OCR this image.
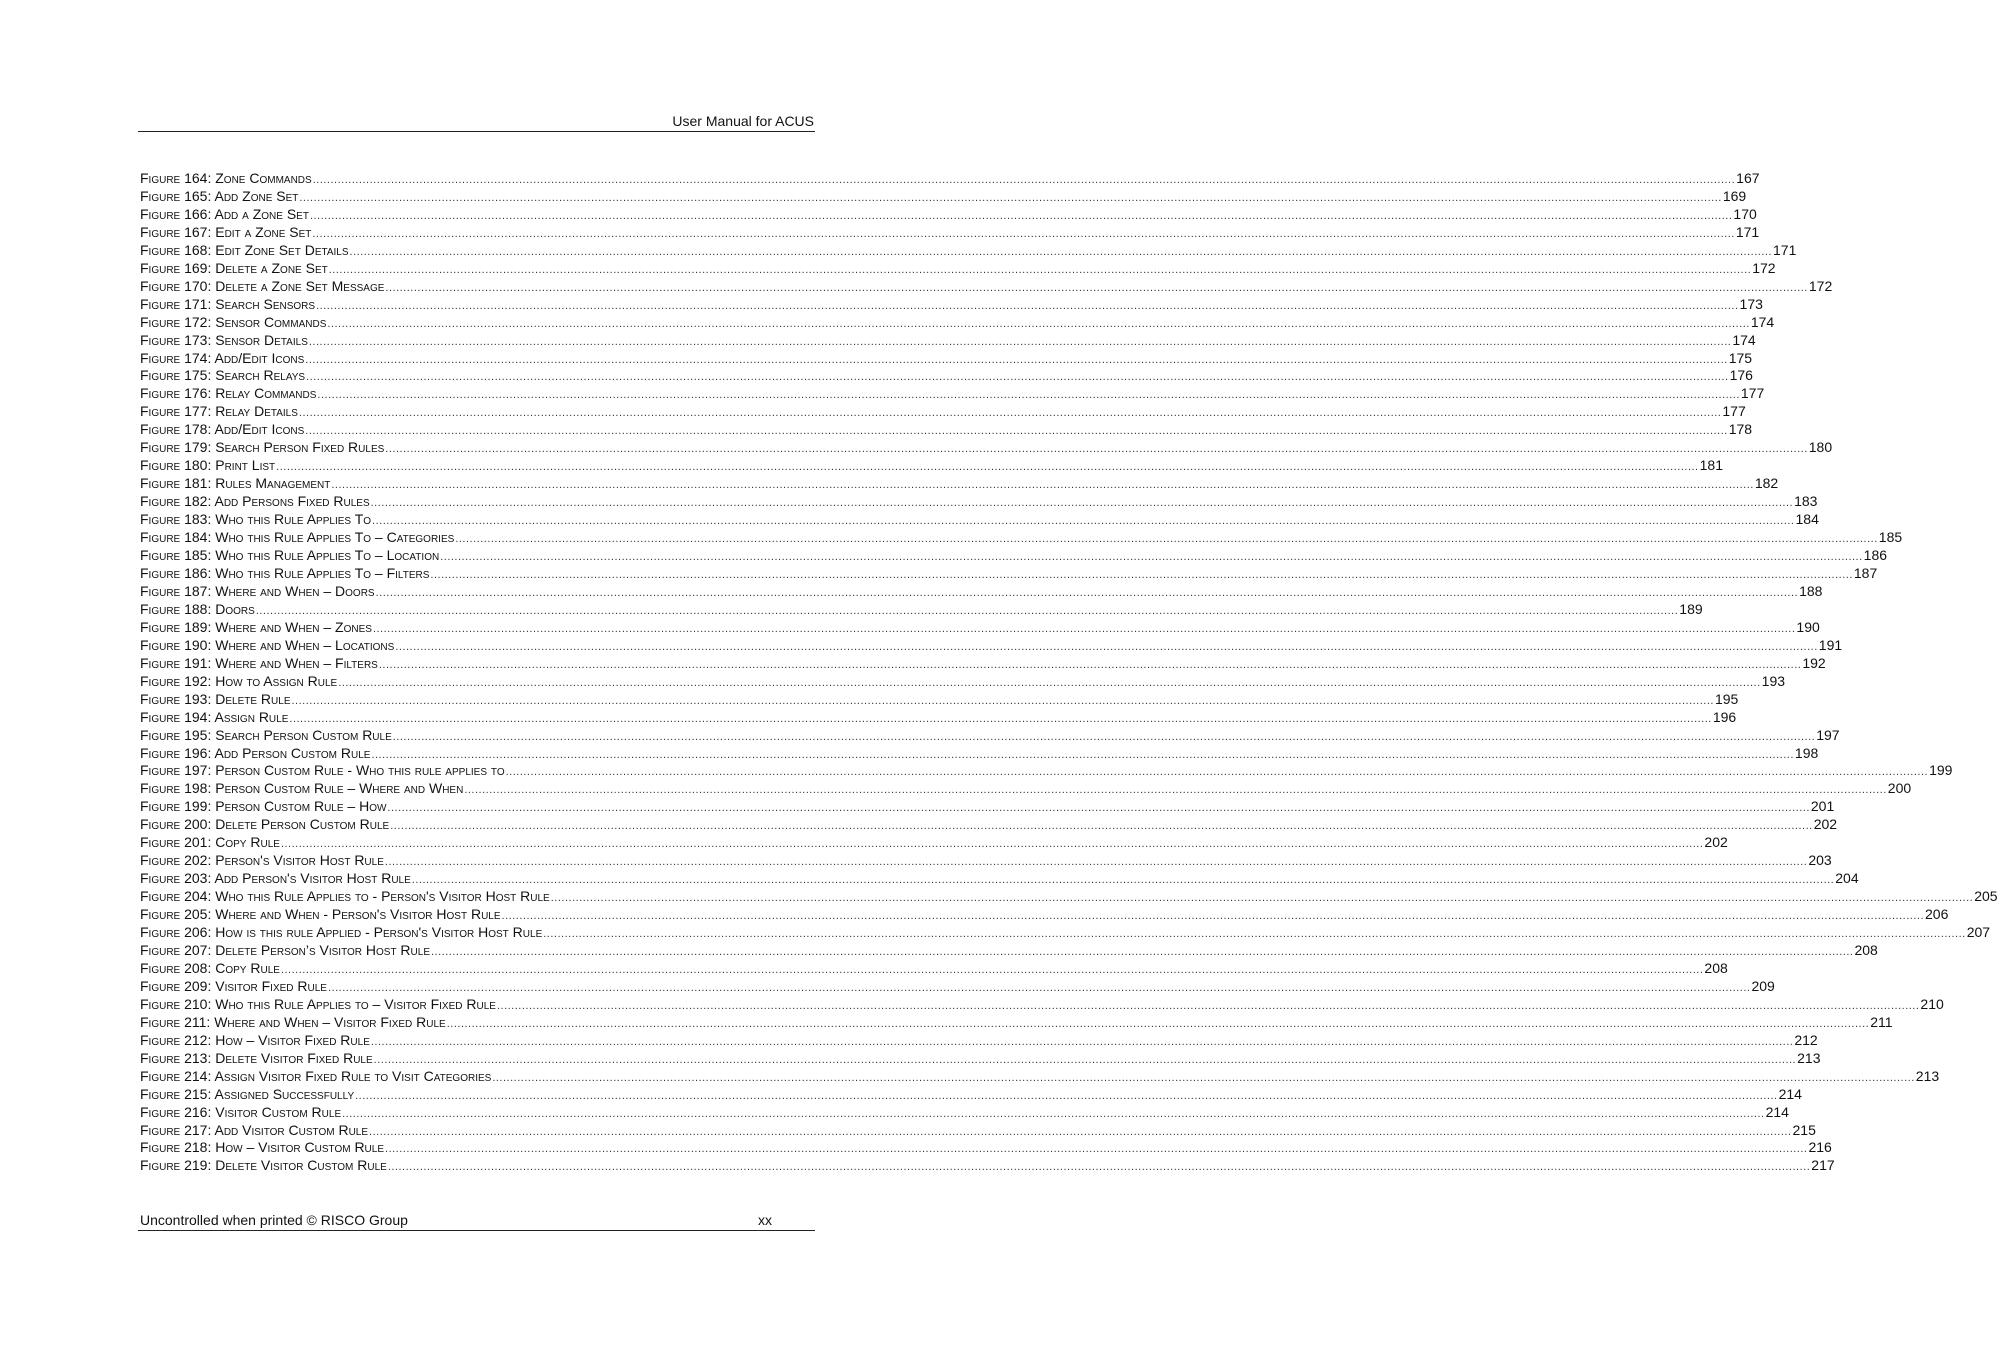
User Manual for ACUS
Figure 164: Zone Commands ................................................................................................................................................................................................................................................................................................................................................................................................................ 167
Figure 165: Add Zone Set ................................................................................................................................................................................................................................................................................................................................................................................................................ 169
Figure 166: Add a Zone Set ................................................................................................................................................................................................................................................................................................................................................................................................................ 170
Figure 167: Edit a Zone Set ................................................................................................................................................................................................................................................................................................................................................................................................................ 171
Figure 168: Edit Zone Set Details ................................................................................................................................................................................................................................................................................................................................................................................................................ 171
Figure 169: Delete a Zone Set ................................................................................................................................................................................................................................................................................................................................................................................................................ 172
Figure 170: Delete a Zone Set Message ................................................................................................................................................................................................................................................................................................................................................................................................................ 172
Figure 171: Search Sensors ................................................................................................................................................................................................................................................................................................................................................................................................................ 173
Figure 172: Sensor Commands ................................................................................................................................................................................................................................................................................................................................................................................................................ 174
Figure 173: Sensor Details ................................................................................................................................................................................................................................................................................................................................................................................................................ 174
Figure 174: Add/Edit Icons ................................................................................................................................................................................................................................................................................................................................................................................................................ 175
Figure 175: Search Relays ................................................................................................................................................................................................................................................................................................................................................................................................................ 176
Figure 176: Relay Commands ................................................................................................................................................................................................................................................................................................................................................................................................................ 177
Figure 177: Relay Details ................................................................................................................................................................................................................................................................................................................................................................................................................ 177
Figure 178: Add/Edit Icons ................................................................................................................................................................................................................................................................................................................................................................................................................ 178
Figure 179: Search Person Fixed Rules ................................................................................................................................................................................................................................................................................................................................................................................................................ 180
Figure 180: Print List ................................................................................................................................................................................................................................................................................................................................................................................................................ 181
Figure 181: Rules Management ................................................................................................................................................................................................................................................................................................................................................................................................................ 182
Figure 182: Add Persons Fixed Rules ................................................................................................................................................................................................................................................................................................................................................................................................................ 183
Figure 183: Who this Rule Applies To ................................................................................................................................................................................................................................................................................................................................................................................................................ 184
Figure 184: Who this Rule Applies To – Categories ................................................................................................................................................................................................................................................................................................................................................................................................................ 185
Figure 185: Who this Rule Applies To – Location ................................................................................................................................................................................................................................................................................................................................................................................................................ 186
Figure 186: Who this Rule Applies To – Filters ................................................................................................................................................................................................................................................................................................................................................................................................................ 187
Figure 187: Where and When – Doors ................................................................................................................................................................................................................................................................................................................................................................................................................ 188
Figure 188: Doors ................................................................................................................................................................................................................................................................................................................................................................................................................ 189
Figure 189: Where and When – Zones ................................................................................................................................................................................................................................................................................................................................................................................................................ 190
Figure 190: Where and When – Locations ................................................................................................................................................................................................................................................................................................................................................................................................................ 191
Figure 191: Where and When – Filters ................................................................................................................................................................................................................................................................................................................................................................................................................ 192
Figure 192: How to Assign Rule ................................................................................................................................................................................................................................................................................................................................................................................................................ 193
Figure 193: Delete Rule ................................................................................................................................................................................................................................................................................................................................................................................................................ 195
Figure 194: Assign Rule ................................................................................................................................................................................................................................................................................................................................................................................................................ 196
Figure 195: Search Person Custom Rule ................................................................................................................................................................................................................................................................................................................................................................................................................ 197
Figure 196: Add Person Custom Rule ................................................................................................................................................................................................................................................................................................................................................................................................................ 198
Figure 197: Person Custom Rule - Who this rule applies to ................................................................................................................................................................................................................................................................................................................................................................................................................ 199
Figure 198: Person Custom Rule – Where and When ................................................................................................................................................................................................................................................................................................................................................................................................................ 200
Figure 199: Person Custom Rule – How ................................................................................................................................................................................................................................................................................................................................................................................................................ 201
Figure 200: Delete Person Custom Rule ................................................................................................................................................................................................................................................................................................................................................................................................................ 202
Figure 201: Copy Rule ................................................................................................................................................................................................................................................................................................................................................................................................................ 202
Figure 202: Person's Visitor Host Rule ................................................................................................................................................................................................................................................................................................................................................................................................................ 203
Figure 203: Add Person's Visitor Host Rule ................................................................................................................................................................................................................................................................................................................................................................................................................ 204
Figure 204: Who this Rule Applies to - Person's Visitor Host Rule ................................................................................................................................................................................................................................................................................................................................................................................................................ 205
Figure 205: Where and When - Person's Visitor Host Rule ................................................................................................................................................................................................................................................................................................................................................................................................................ 206
Figure 206: How is this rule Applied - Person's Visitor Host Rule ................................................................................................................................................................................................................................................................................................................................................................................................................ 207
Figure 207: Delete Person’s Visitor Host Rule ................................................................................................................................................................................................................................................................................................................................................................................................................ 208
Figure 208: Copy Rule ................................................................................................................................................................................................................................................................................................................................................................................................................ 208
Figure 209: Visitor Fixed Rule ................................................................................................................................................................................................................................................................................................................................................................................................................ 209
Figure 210: Who this Rule Applies to – Visitor Fixed Rule ................................................................................................................................................................................................................................................................................................................................................................................................................ 210
Figure 211: Where and When – Visitor Fixed Rule ................................................................................................................................................................................................................................................................................................................................................................................................................ 211
Figure 212: How – Visitor Fixed Rule ................................................................................................................................................................................................................................................................................................................................................................................................................ 212
Figure 213: Delete Visitor Fixed Rule ................................................................................................................................................................................................................................................................................................................................................................................................................ 213
Figure 214: Assign Visitor Fixed Rule to Visit Categories ................................................................................................................................................................................................................................................................................................................................................................................................................ 213
Figure 215: Assigned Successfully ................................................................................................................................................................................................................................................................................................................................................................................................................ 214
Figure 216: Visitor Custom Rule ................................................................................................................................................................................................................................................................................................................................................................................................................ 214
Figure 217: Add Visitor Custom Rule ................................................................................................................................................................................................................................................................................................................................................................................................................ 215
Figure 218: How – Visitor Custom Rule ................................................................................................................................................................................................................................................................................................................................................................................................................ 216
Figure 219: Delete Visitor Custom Rule ................................................................................................................................................................................................................................................................................................................................................................................................................ 217
Uncontrolled when printed © RISCO Group	xx
